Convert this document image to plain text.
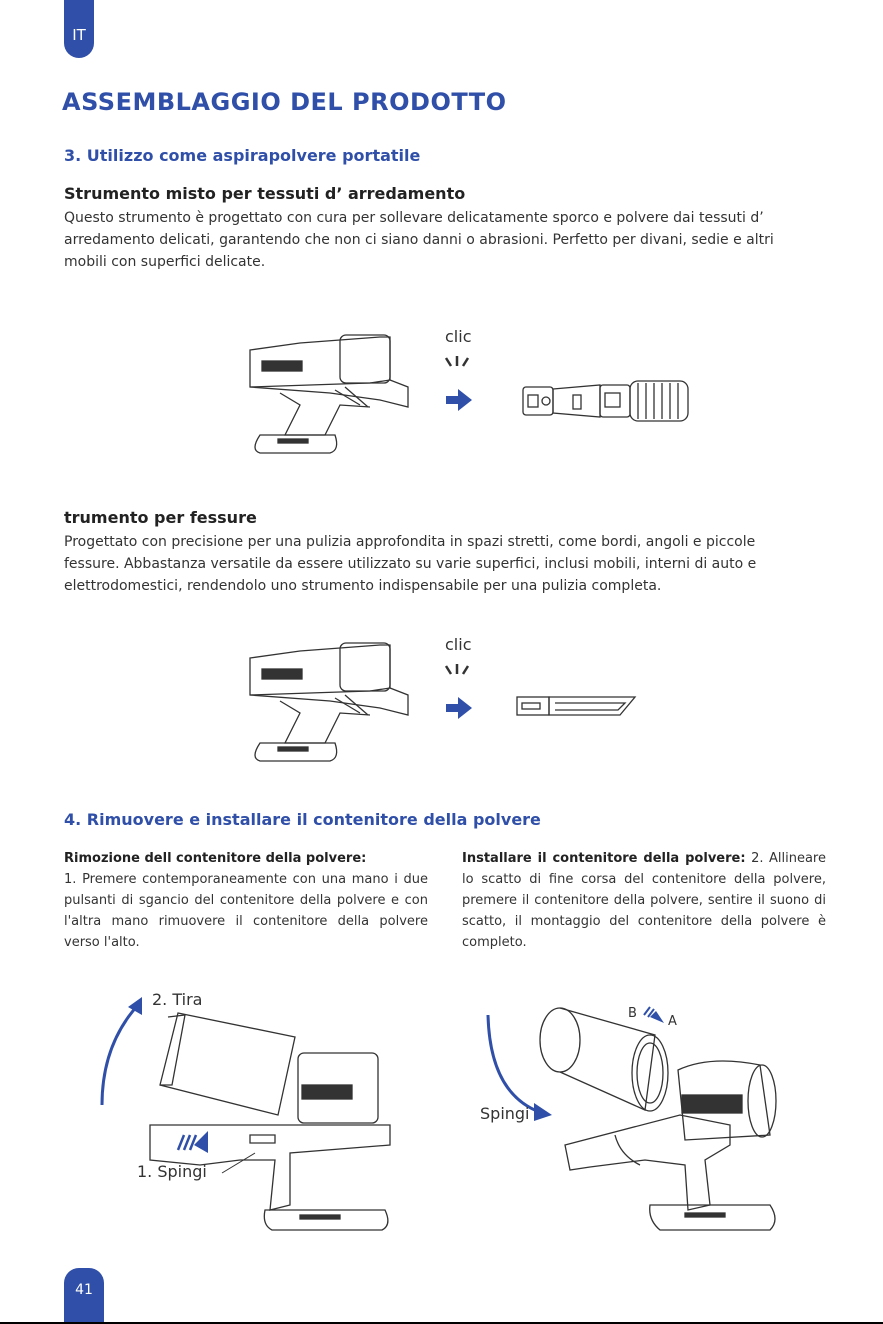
IT
ASSEMBLAGGIO DEL PRODOTTO
3. Utilizzo come aspirapolvere portatile
Strumento misto per tessuti d’ arredamento

Questo strumento è progettato con cura per sollevare delicatamente sporco e polvere dai tessuti d’ arredamento delicati, garantendo che non ci siano danni o abrasioni. Perfetto per divani, sedie e altri mobili con superfici delicate.

clic
trumento per fessure

Progettato con precisione per una pulizia approfondita in spazi stretti, come bordi, angoli e piccole fessure. Abbastanza versatile da essere utilizzato su varie superfici, inclusi mobili, interni di auto e elettrodomestici, rendendolo uno strumento indispensabile per una pulizia completa.

clic
4. Rimuovere e installare il contenitore della polvere

Rimozione dell contenitore della polvere:
1. Premere contemporaneamente con una mano i due pulsanti di sgancio del contenitore della polvere e con l'altra mano rimuovere il contenitore della polvere verso l'alto.

Installare il contenitore della polvere: 2. Allineare lo scatto di fine corsa del contenitore della polvere, premere il contenitore della polvere, sentire il suono di scatto, il montaggio del contenitore della polvere è completo.

2. Tira
1. Spingi
Spingi
B
A
41
